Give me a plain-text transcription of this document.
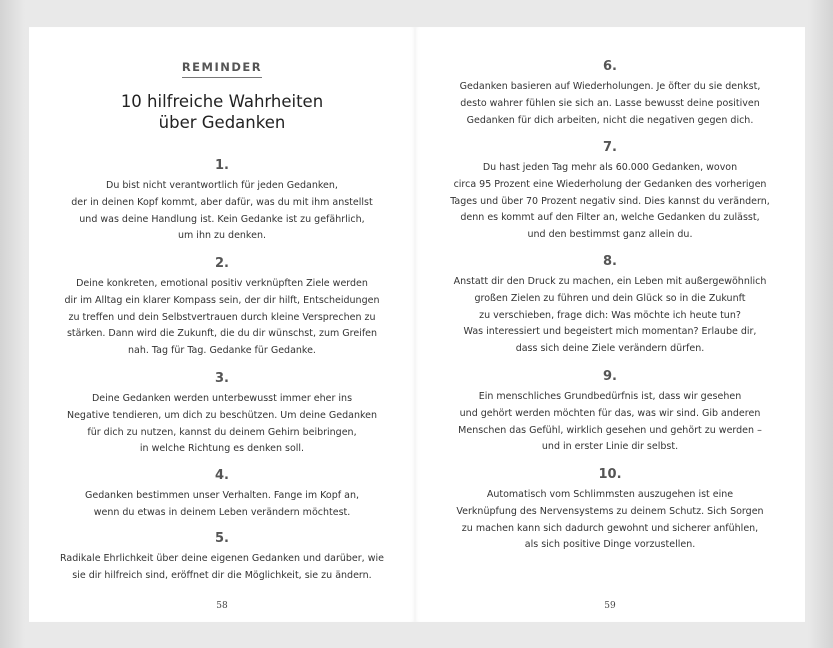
REMINDER
10 hilfreiche Wahrheiten
über Gedanken
1.
Du bist nicht verantwortlich für jeden Gedanken,
der in deinen Kopf kommt, aber dafür, was du mit ihm anstellst
und was deine Handlung ist. Kein Gedanke ist zu gefährlich,
um ihn zu denken.
2.
Deine konkreten, emotional positiv verknüpften Ziele werden
dir im Alltag ein klarer Kompass sein, der dir hilft, Entscheidungen
zu treffen und dein Selbstvertrauen durch kleine Versprechen zu
stärken. Dann wird die Zukunft, die du dir wünschst, zum Greifen
nah. Tag für Tag. Gedanke für Gedanke.
3.
Deine Gedanken werden unterbewusst immer eher ins
Negative tendieren, um dich zu beschützen. Um deine Gedanken
für dich zu nutzen, kannst du deinem Gehirn beibringen,
in welche Richtung es denken soll.
4.
Gedanken bestimmen unser Verhalten. Fange im Kopf an,
wenn du etwas in deinem Leben verändern möchtest.
5.
Radikale Ehrlichkeit über deine eigenen Gedanken und darüber, wie
sie dir hilfreich sind, eröffnet dir die Möglichkeit, sie zu ändern.
58
6.
Gedanken basieren auf Wiederholungen. Je öfter du sie denkst,
desto wahrer fühlen sie sich an. Lasse bewusst deine positiven
Gedanken für dich arbeiten, nicht die negativen gegen dich.
7.
Du hast jeden Tag mehr als 60.000 Gedanken, wovon
circa 95 Prozent eine Wiederholung der Gedanken des vorherigen
Tages und über 70 Prozent negativ sind. Dies kannst du verändern,
denn es kommt auf den Filter an, welche Gedanken du zulässt,
und den bestimmst ganz allein du.
8.
Anstatt dir den Druck zu machen, ein Leben mit außergewöhnlich
großen Zielen zu führen und dein Glück so in die Zukunft
zu verschieben, frage dich: Was möchte ich heute tun?
Was interessiert und begeistert mich momentan? Erlaube dir,
dass sich deine Ziele verändern dürfen.
9.
Ein menschliches Grundbedürfnis ist, dass wir gesehen
und gehört werden möchten für das, was wir sind. Gib anderen
Menschen das Gefühl, wirklich gesehen und gehört zu werden –
und in erster Linie dir selbst.
10.
Automatisch vom Schlimmsten auszugehen ist eine
Verknüpfung des Nervensystems zu deinem Schutz. Sich Sorgen
zu machen kann sich dadurch gewohnt und sicherer anfühlen,
als sich positive Dinge vorzustellen.
59
